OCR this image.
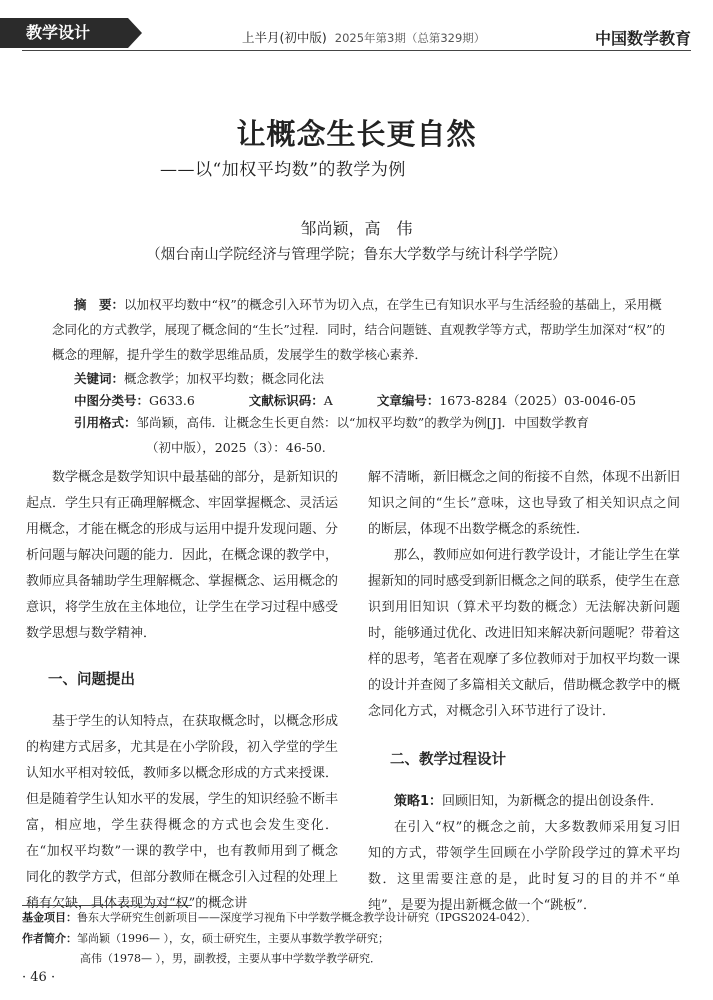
教学设计	上半月(初中版) 2025年第3期（总第329期）	中国数学教育
让概念生长更自然
——以“加权平均数”的教学为例
邹尚颖，高　伟
（烟台南山学院经济与管理学院；鲁东大学数学与统计科学学院）
摘　要：以加权平均数中“权”的概念引入环节为切入点，在学生已有知识水平与生活经验的基础上，采用概念同化的方式教学，展现了概念间的“生长”过程．同时，结合问题链、直观教学等方式，帮助学生加深对“权”的概念的理解，提升学生的数学思维品质，发展学生的数学核心素养．
关键词：概念教学；加权平均数；概念同化法
中图分类号：G633.6	文献标识码：A	文章编号：1673-8284（2025）03-0046-05
引用格式：邹尚颖，高伟．让概念生长更自然：以“加权平均数”的教学为例[J]．中国数学教育
（初中版），2025（3）：46-50.

数学概念是数学知识中最基础的部分，是新知识的起点．学生只有正确理解概念、牢固掌握概念、灵活运用概念，才能在概念的形成与运用中提升发现问题、分析问题与解决问题的能力．因此，在概念课的教学中，教师应具备辅助学生理解概念、掌握概念、运用概念的意识，将学生放在主体地位，让学生在学习过程中感受数学思想与数学精神．

一、问题提出

基于学生的认知特点，在获取概念时，以概念形成的构建方式居多，尤其是在小学阶段，初入学堂的学生认知水平相对较低，教师多以概念形成的方式来授课．但是随着学生认知水平的发展，学生的知识经验不断丰富，相应地，学生获得概念的方式也会发生变化．在“加权平均数”一课的教学中，也有教师用到了概念同化的教学方式，但部分教师在概念引入过程的处理上稍有欠缺，具体表现为对“权”的概念讲

解不清晰，新旧概念之间的衔接不自然，体现不出新旧知识之间的“生长”意味，这也导致了相关知识点之间的断层，体现不出数学概念的系统性．

那么，教师应如何进行教学设计，才能让学生在掌握新知的同时感受到新旧概念之间的联系，使学生在意识到用旧知识（算术平均数的概念）无法解决新问题时，能够通过优化、改进旧知来解决新问题呢？带着这样的思考，笔者在观摩了多位教师对于加权平均数一课的设计并查阅了多篇相关文献后，借助概念教学中的概念同化方式，对概念引入环节进行了设计．

二、教学过程设计

策略1：回顾旧知，为新概念的提出创设条件．

在引入“权”的概念之前，大多数教师采用复习旧知的方式，带领学生回顾在小学阶段学过的算术平均数．这里需要注意的是，此时复习的目的并不“单纯”，是要为提出新概念做一个“跳板”．

基金项目：鲁东大学研究生创新项目——深度学习视角下中学数学概念教学设计研究（IPGS2024-042）．
作者简介：邹尚颖（1996— ），女，硕士研究生，主要从事数学教学研究；
高伟（1978— ），男，副教授，主要从事中学数学教学研究．
· 46 ·
